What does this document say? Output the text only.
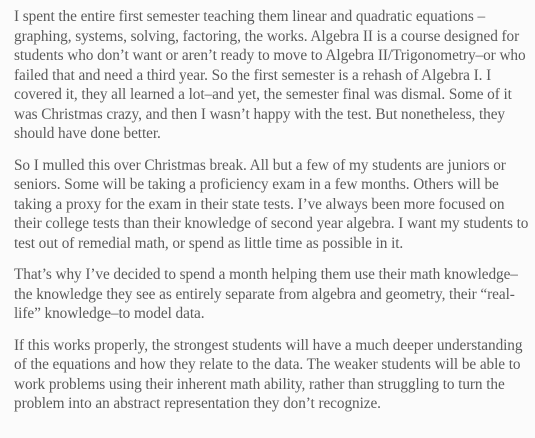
I spent the entire first semester teaching them linear and quadratic equations –graphing, systems, solving, factoring, the works. Algebra II is a course designed for students who don’t want or aren’t ready to move to Algebra II/Trigonometry–or who failed that and need a third year. So the first semester is a rehash of Algebra I. I covered it, they all learned a lot–and yet, the semester final was dismal. Some of it was Christmas crazy, and then I wasn’t happy with the test. But nonetheless, they should have done better.

So I mulled this over Christmas break. All but a few of my students are juniors or seniors. Some will be taking a proficiency exam in a few months. Others will be taking a proxy for the exam in their state tests. I’ve always been more focused on their college tests than their knowledge of second year algebra. I want my students to test out of remedial math, or spend as little time as possible in it.

That’s why I’ve decided to spend a month helping them use their math knowledge–the knowledge they see as entirely separate from algebra and geometry, their “real-life” knowledge–to model data.

If this works properly, the strongest students will have a much deeper understanding of the equations and how they relate to the data. The weaker students will be able to work problems using their inherent math ability, rather than struggling to turn the problem into an abstract representation they don’t recognize.
